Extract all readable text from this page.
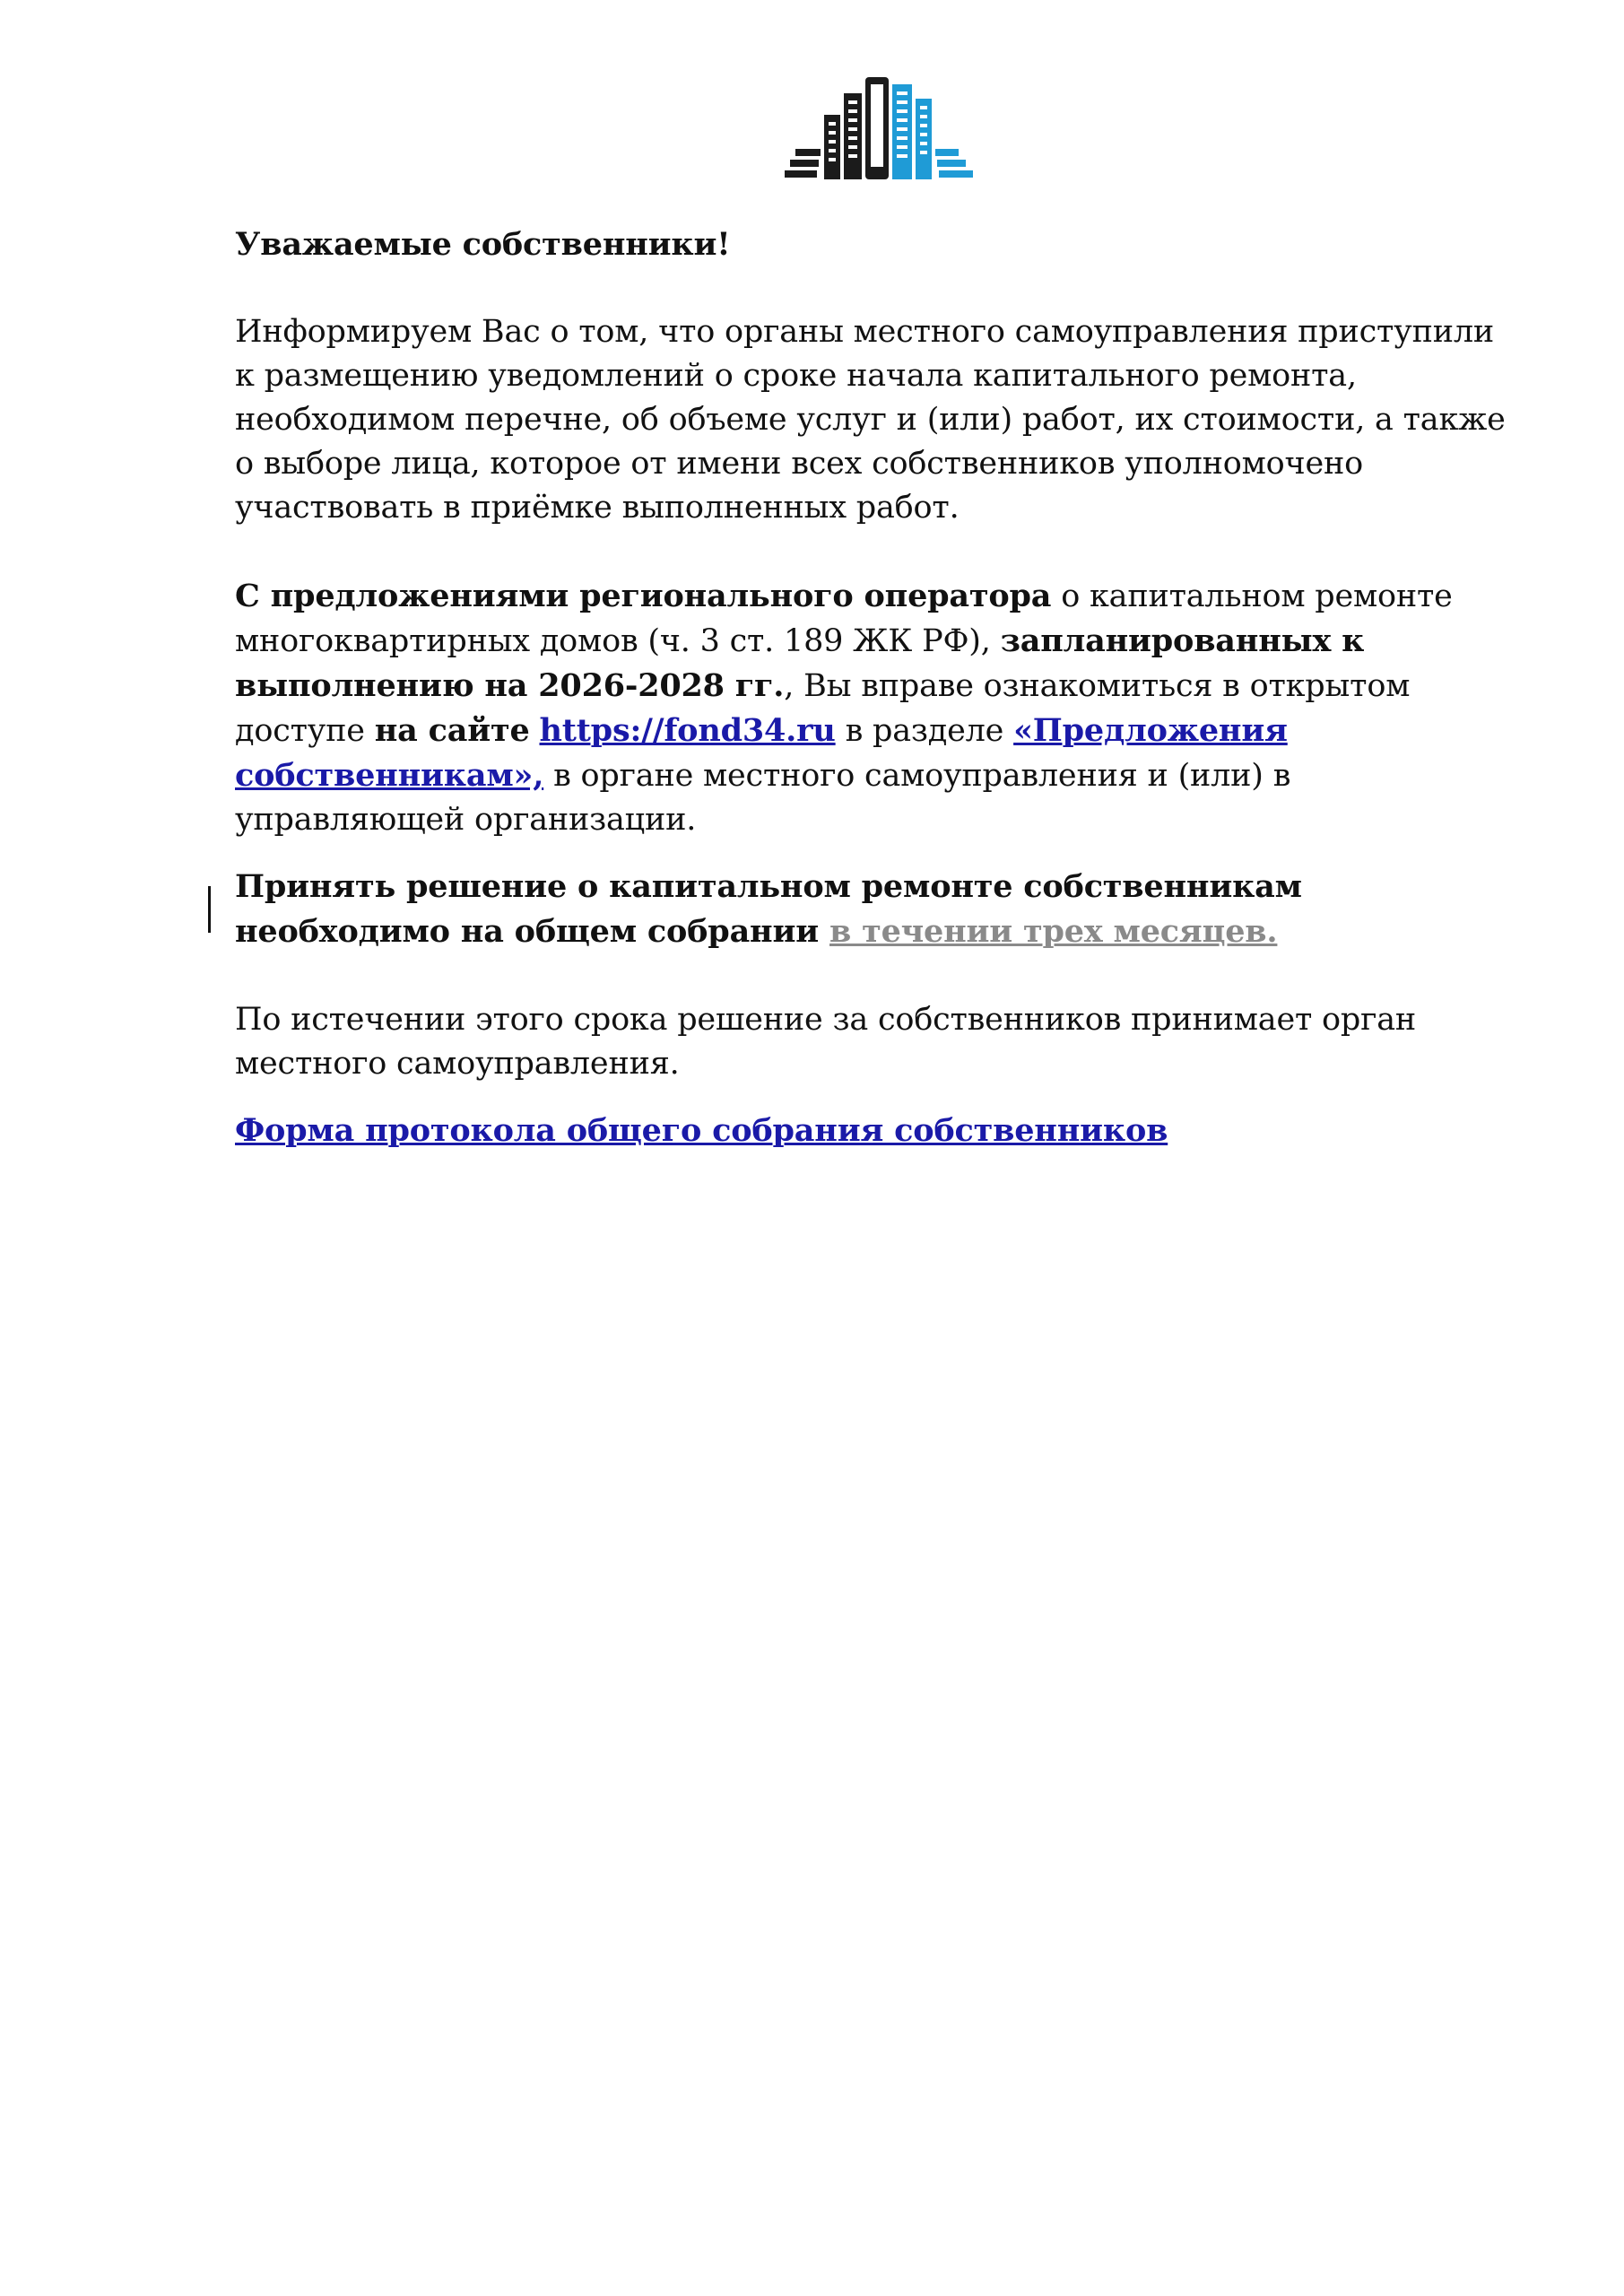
Уважаемые собственники!

Информируем Вас о том, что органы местного самоуправления приступили к размещению уведомлений о сроке начала капитального ремонта, необходимом перечне, об объеме услуг и (или) работ, их стоимости, а также о выборе лица, которое от имени всех собственников уполномочено участвовать в приёмке выполненных работ.

С предложениями регионального оператора о капитальном ремонте многоквартирных домов (ч. 3 ст. 189 ЖК РФ), запланированных к выполнению на 2026-2028 гг., Вы вправе ознакомиться в открытом доступе на сайте https://fond34.ru в разделе «Предложения собственникам», в органе местного самоуправления и (или) в управляющей организации.

Принять решение о капитальном ремонте собственникам необходимо на общем собрании в течении трех месяцев.

По истечении этого срока решение за собственников принимает орган местного самоуправления.

Форма протокола общего собрания собственников
